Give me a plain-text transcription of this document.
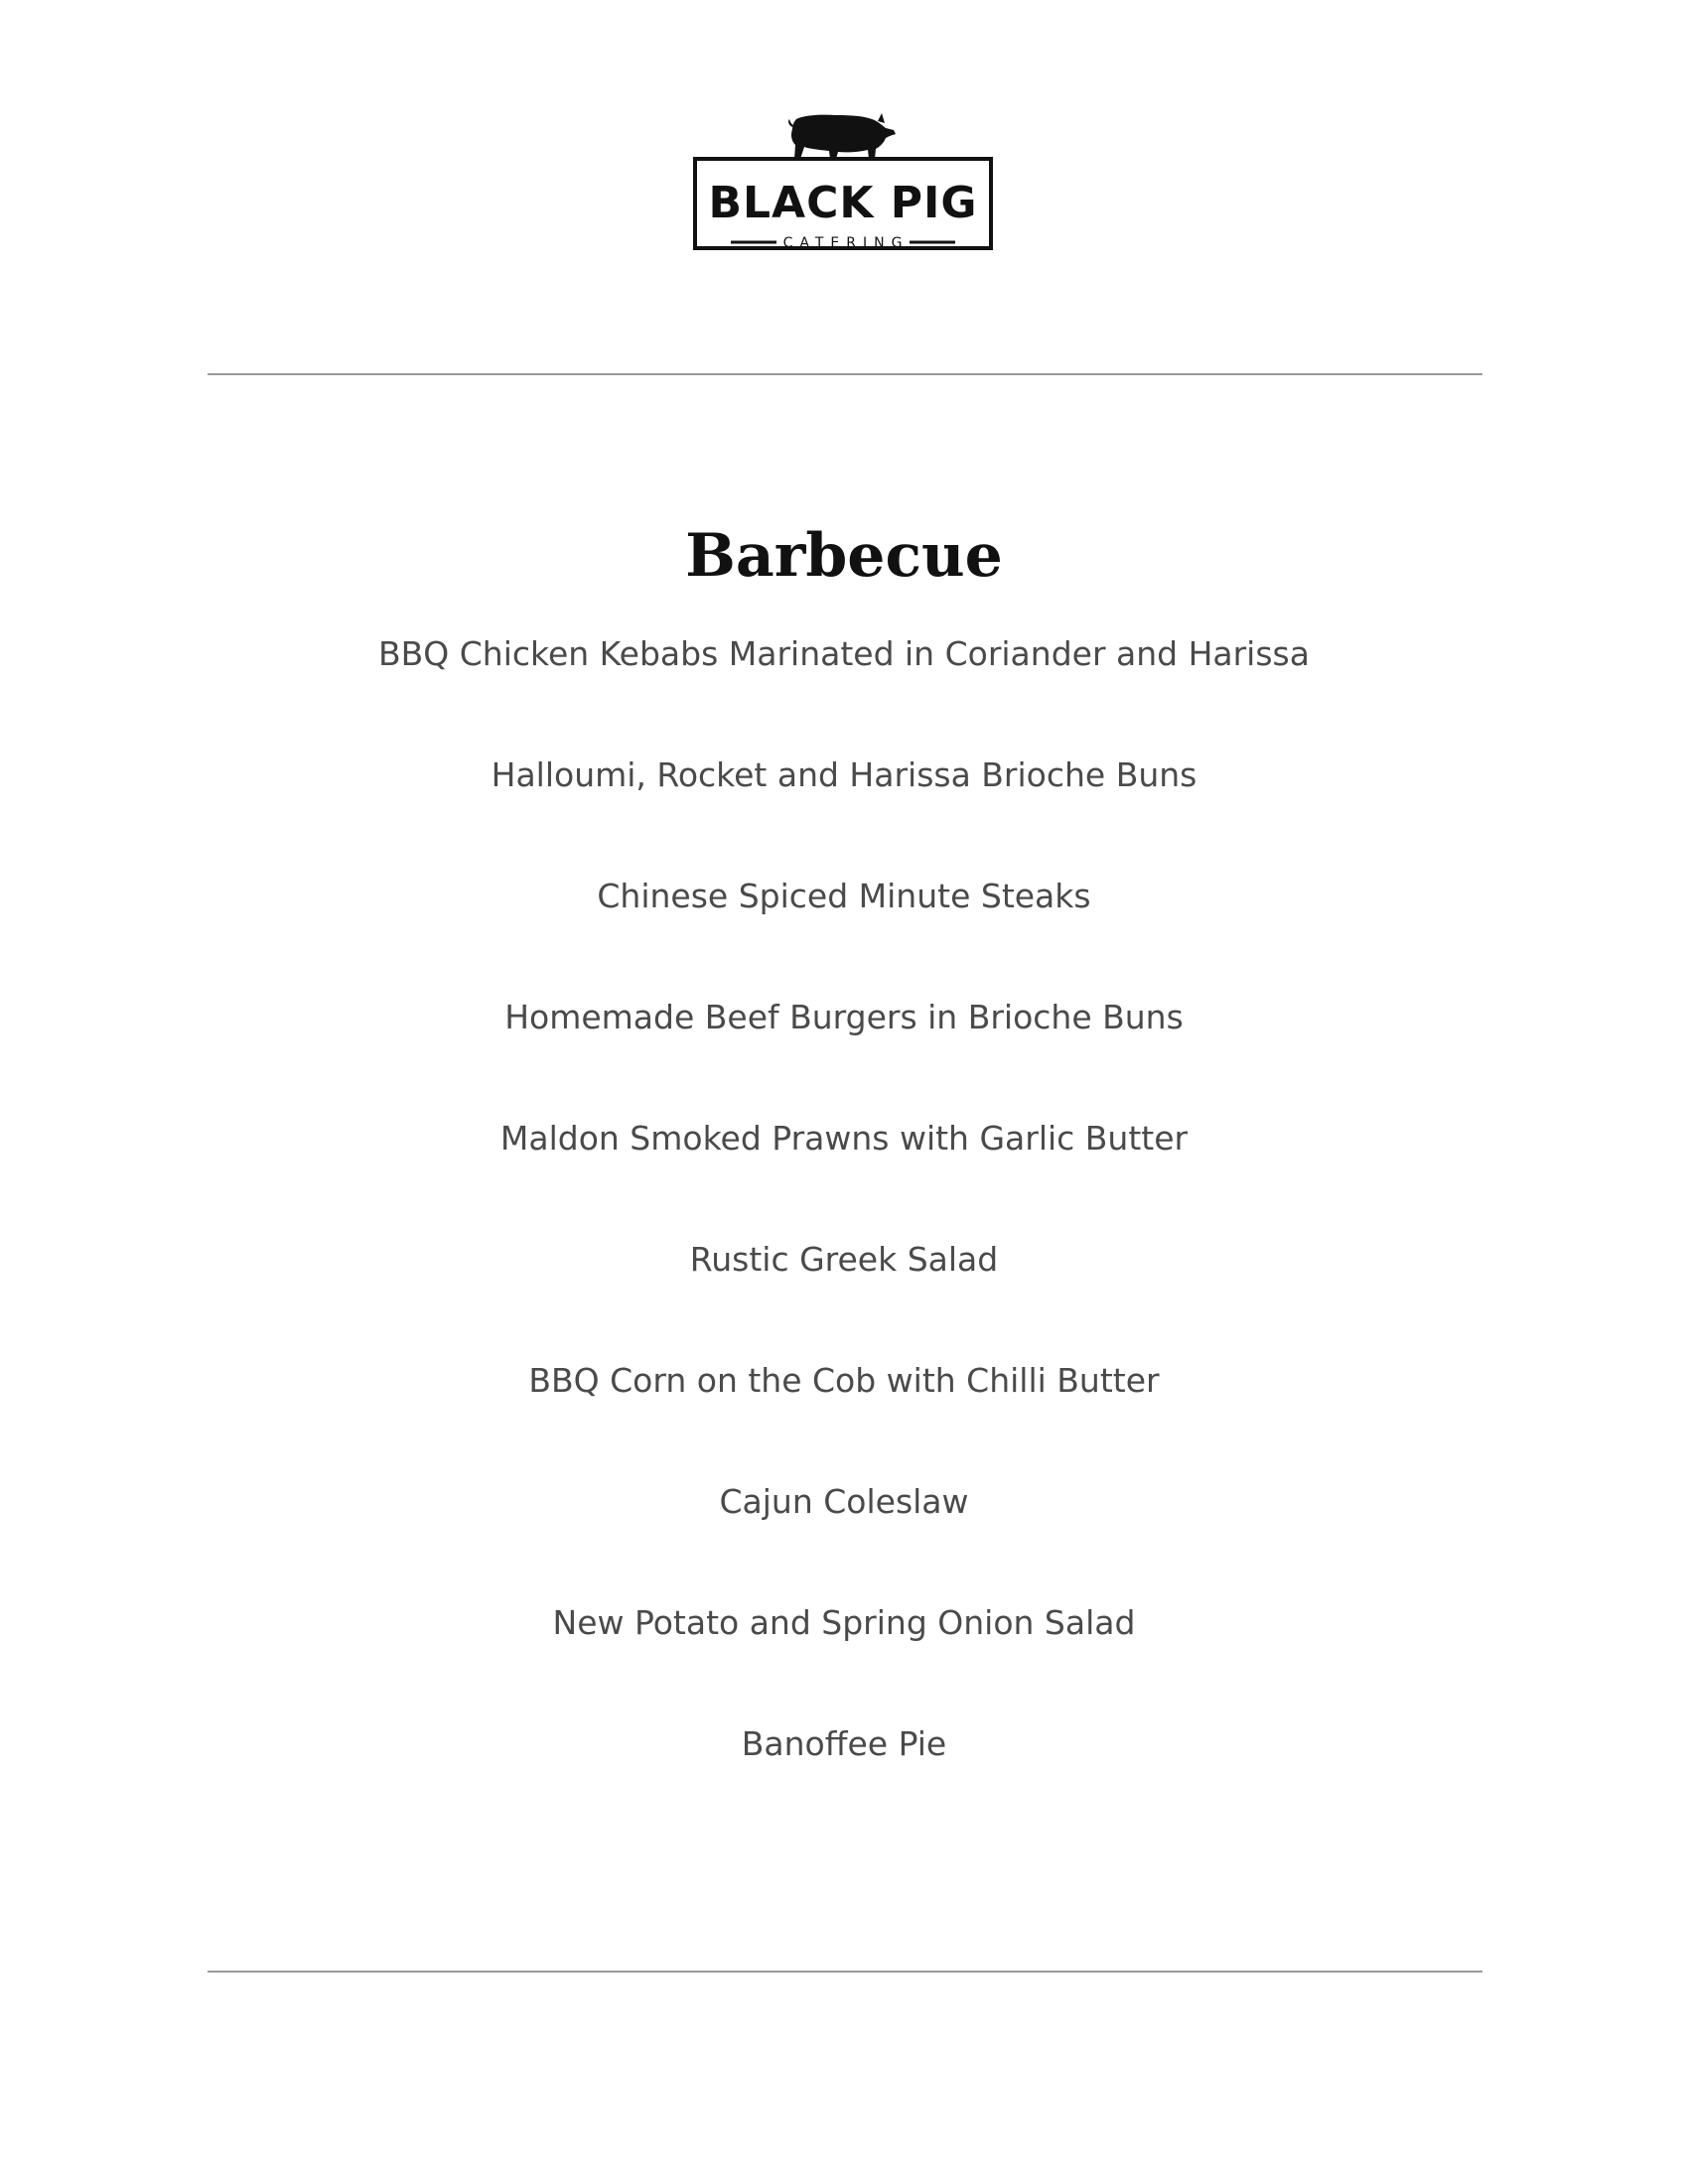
BLACK PIG
CATERING
Barbecue
BBQ Chicken Kebabs Marinated in Coriander and Harissa
Halloumi, Rocket and Harissa Brioche Buns
Chinese Spiced Minute Steaks
Homemade Beef Burgers in Brioche Buns
Maldon Smoked Prawns with Garlic Butter
Rustic Greek Salad
BBQ Corn on the Cob with Chilli Butter
Cajun Coleslaw
New Potato and Spring Onion Salad
Banoffee Pie
